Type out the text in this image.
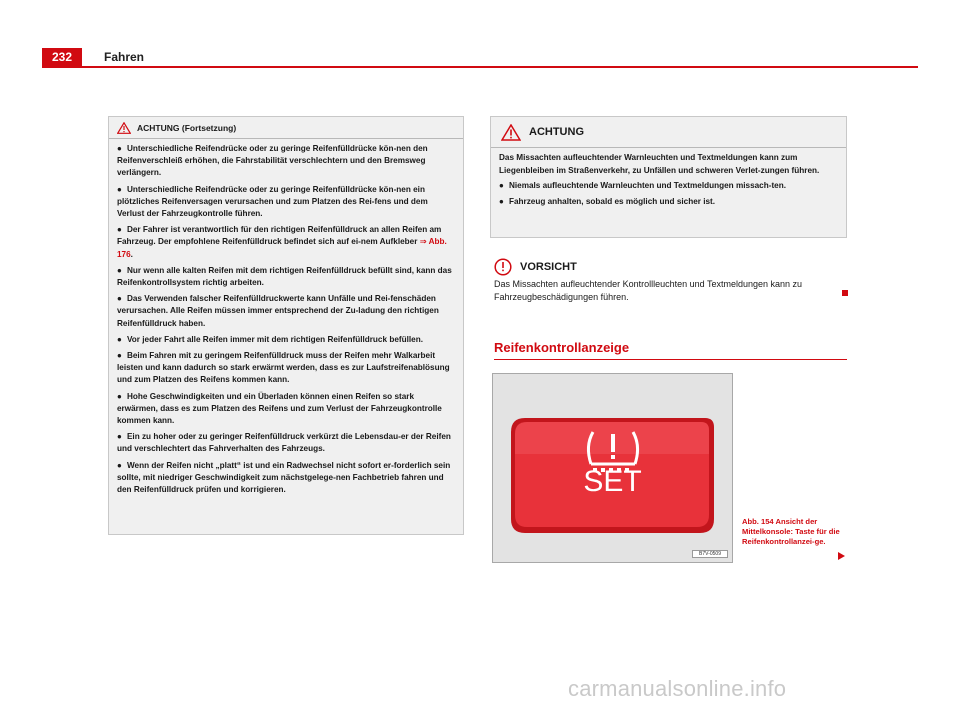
232	Fahren
ACHTUNG (Fortsetzung)

● Unterschiedliche Reifendrücke oder zu geringe Reifenfülldrücke kön-nen den Reifenverschleiß erhöhen, die Fahrstabilität verschlechtern und den Bremsweg verlängern.

● Unterschiedliche Reifendrücke oder zu geringe Reifenfülldrücke kön-nen ein plötzliches Reifenversagen verursachen und zum Platzen des Rei-fens und dem Verlust der Fahrzeugkontrolle führen.

● Der Fahrer ist verantwortlich für den richtigen Reifenfülldruck an allen Reifen am Fahrzeug. Der empfohlene Reifenfülldruck befindet sich auf ei-nem Aufkleber ⇒ Abb. 176.

● Nur wenn alle kalten Reifen mit dem richtigen Reifenfülldruck befüllt sind, kann das Reifenkontrollsystem richtig arbeiten.

● Das Verwenden falscher Reifenfülldruckwerte kann Unfälle und Rei-fenschäden verursachen. Alle Reifen müssen immer entsprechend der Zu-ladung den richtigen Reifenfülldruck haben.

● Vor jeder Fahrt alle Reifen immer mit dem richtigen Reifenfülldruck befüllen.

● Beim Fahren mit zu geringem Reifenfülldruck muss der Reifen mehr Walkarbeit leisten und kann dadurch so stark erwärmt werden, dass es zur Laufstreifenablösung und zum Platzen des Reifens kommen kann.

● Hohe Geschwindigkeiten und ein Überladen können einen Reifen so stark erwärmen, dass es zum Platzen des Reifens und zum Verlust der Fahrzeugkontrolle kommen kann.

● Ein zu hoher oder zu geringer Reifenfülldruck verkürzt die Lebensdau-er der Reifen und verschlechtert das Fahrverhalten des Fahrzeugs.

● Wenn der Reifen nicht „platt“ ist und ein Radwechsel nicht sofort er-forderlich sein sollte, mit niedriger Geschwindigkeit zum nächstgelege-nen Fachbetrieb fahren und den Reifenfülldruck prüfen und korrigieren.

ACHTUNG

Das Missachten aufleuchtender Warnleuchten und Textmeldungen kann zum Liegenbleiben im Straßenverkehr, zu Unfällen und schweren Verlet-zungen führen.

● Niemals aufleuchtende Warnleuchten und Textmeldungen missach-ten.

● Fahrzeug anhalten, sobald es möglich und sicher ist.

VORSICHT

Das Missachten aufleuchtender Kontrollleuchten und Textmeldungen kann zu Fahrzeugbeschädigungen führen.

Reifenkontrollanzeige
SET
B7V-0509
Abb. 154 Ansicht der Mittelkonsole: Taste für die Reifenkontrollanzei-ge.
carmanualsonline.info
